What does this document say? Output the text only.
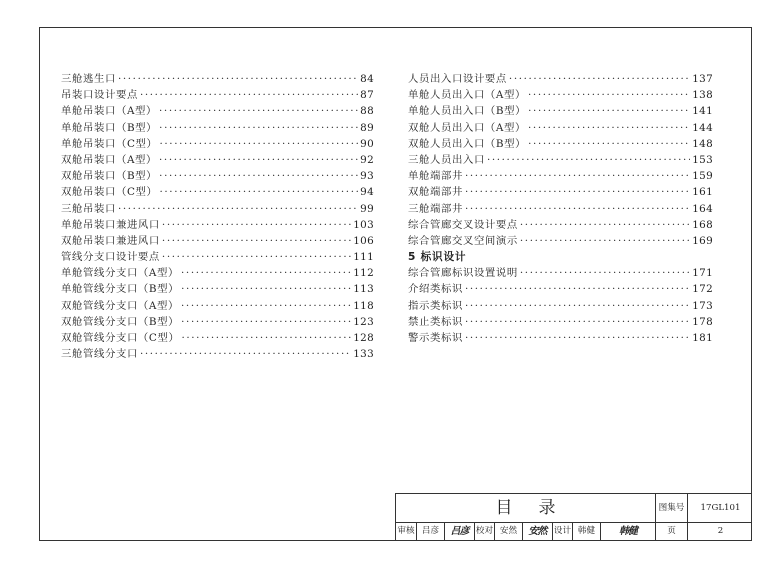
三舱逃生口 ·····	84
吊装口设计要点 ·····	87
单舱吊装口（A型） ·····	88
单舱吊装口（B型） ·····	89
单舱吊装口（C型） ·····	90
双舱吊装口（A型） ·····	92
双舱吊装口（B型） ·····	93
双舱吊装口（C型） ·····	94
三舱吊装口 ·····	99
单舱吊装口兼进风口 ·····	103
双舱吊装口兼进风口 ·····	106
管线分支口设计要点 ·····	111
单舱管线分支口（A型） ·····	112
单舱管线分支口（B型） ·····	113
双舱管线分支口（A型） ·····	118
双舱管线分支口（B型） ·····	123
双舱管线分支口（C型） ·····	128
三舱管线分支口 ·····	133
人员出入口设计要点 ·····	137
单舱人员出入口（A型） ·····	138
单舱人员出入口（B型） ·····	141
双舱人员出入口（A型） ·····	144
双舱人员出入口（B型） ·····	148
三舱人员出入口 ·····	153
单舱端部井 ·····	159
双舱端部井 ·····	161
三舱端部井 ·····	164
综合管廊交叉设计要点 ·····	168
综合管廊交叉空间演示 ·····	169
5 标识设计
综合管廊标识设置说明 ·····	171
介绍类标识 ·····	172
指示类标识 ·····	173
禁止类标识 ·····	178
警示类标识 ·····	181
目录	图集号	17GL101
审核 吕彦	吕彦 校对 安然	安然 设计 韩健	韩健	页	2
